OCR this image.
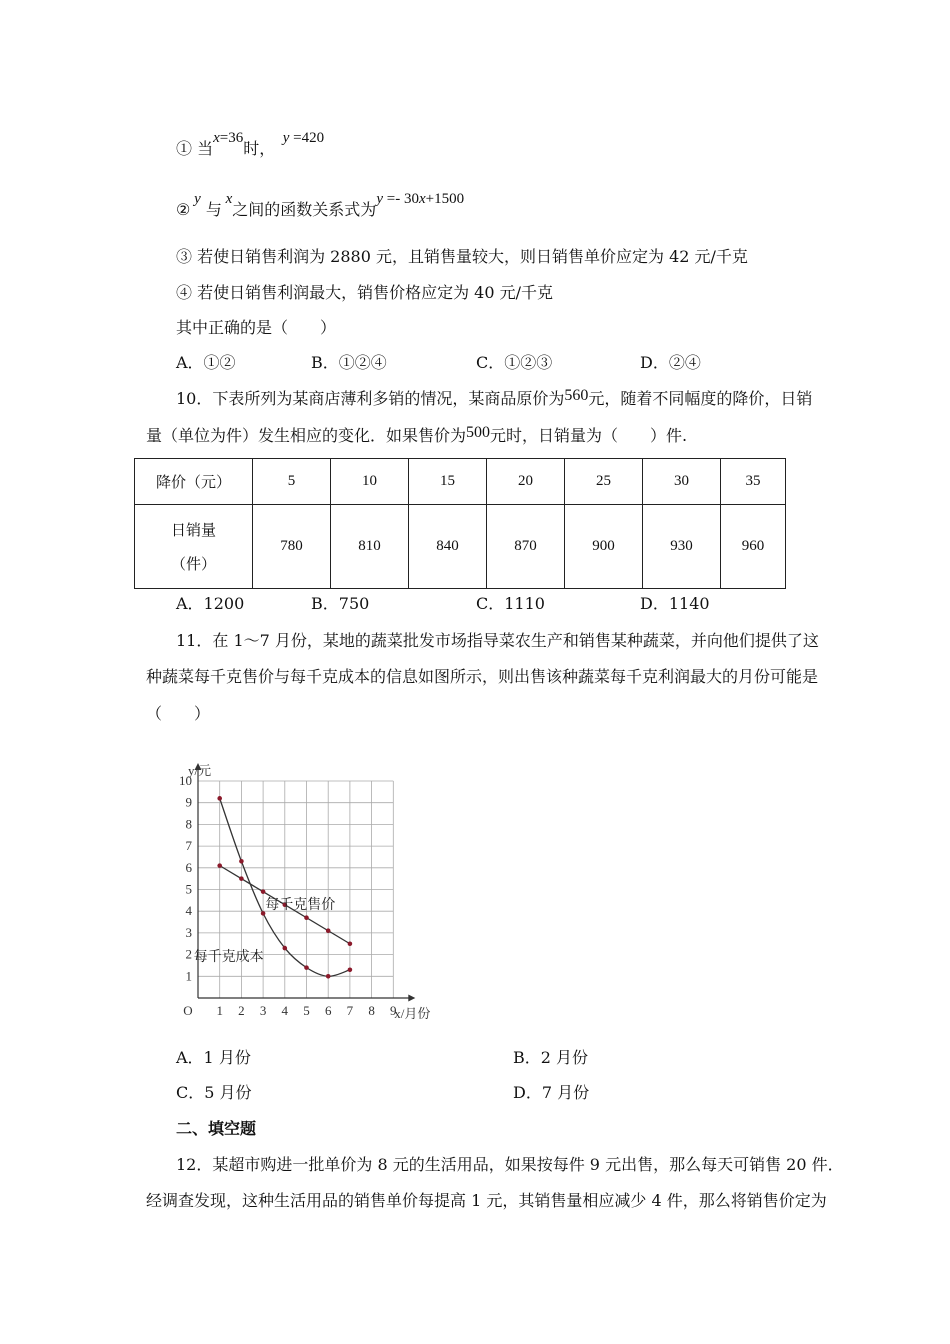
① 当x=36时，  y =420
② y 与 x之间的函数关系式为y =- 30x+1500
③ 若使日销售利润为 2880 元，且销售量较大，则日销售单价应定为 42 元/千克
④ 若使日销售利润最大，销售价格应定为 40 元/千克
其中正确的是（　　）
A．①②	B．①②④	C．①②③	D．②④
10．下表所列为某商店薄利多销的情况，某商品原价为560元，随着不同幅度的降价，日销
量（单位为件）发生相应的变化．如果售价为500元时，日销量为（　　）件.
降价（元）	5	10	15	20	25	30	35

日销量
（件）	780	810	840	870	900	930	960
A．1200	B．750	C．1110	D．1140
11．在 1～7 月份，某地的蔬菜批发市场指导菜农生产和销售某种蔬菜，并向他们提供了这
种蔬菜每千克售价与每千克成本的信息如图所示，则出售该种蔬菜每千克利润最大的月份可能是
（　　）
1 2 3 4 5 6 7 8 9
1
2
3
4
5
6
7
8
9
10
O	x/月份
y/元
每千克售价
每千克成本
A．1 月份	B．2 月份
C．5 月份	D．7 月份
二、填空题
12．某超市购进一批单价为 8 元的生活用品，如果按每件 9 元出售，那么每天可销售 20 件．
经调查发现，这种生活用品的销售单价每提高 1 元，其销售量相应减少 4 件，那么将销售价定为
